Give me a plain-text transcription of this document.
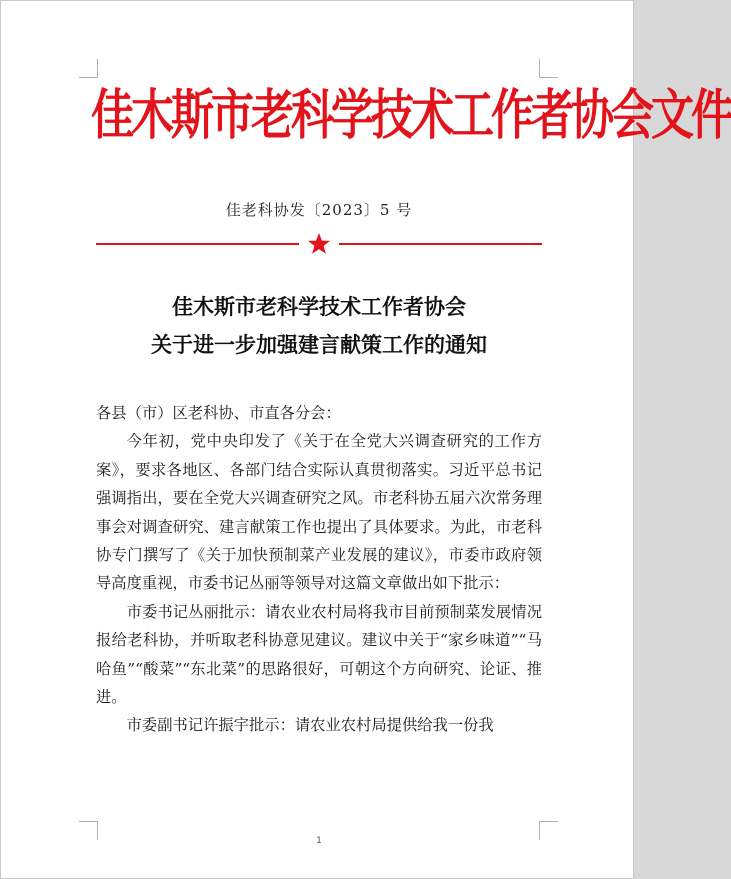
佳木斯市老科学技术工作者协会文件
佳老科协发〔2023〕5 号
佳木斯市老科学技术工作者协会
关于进一步加强建言献策工作的通知

各县（市）区老科协、市直各分会：

今年初，党中央印发了《关于在全党大兴调查研究的工作方案》，要求各地区、各部门结合实际认真贯彻落实。习近平总书记强调指出，要在全党大兴调查研究之风。市老科协五届六次常务理事会对调查研究、建言献策工作也提出了具体要求。为此，市老科协专门撰写了《关于加快预制菜产业发展的建议》，市委市政府领导高度重视，市委书记丛丽等领导对这篇文章做出如下批示：

市委书记丛丽批示：请农业农村局将我市目前预制菜发展情况报给老科协，并听取老科协意见建议。建议中关于“家乡味道”“马哈鱼”“酸菜”“东北菜”的思路很好，可朝这个方向研究、论证、推进。

市委副书记许振宇批示：请农业农村局提供给我一份我

1
